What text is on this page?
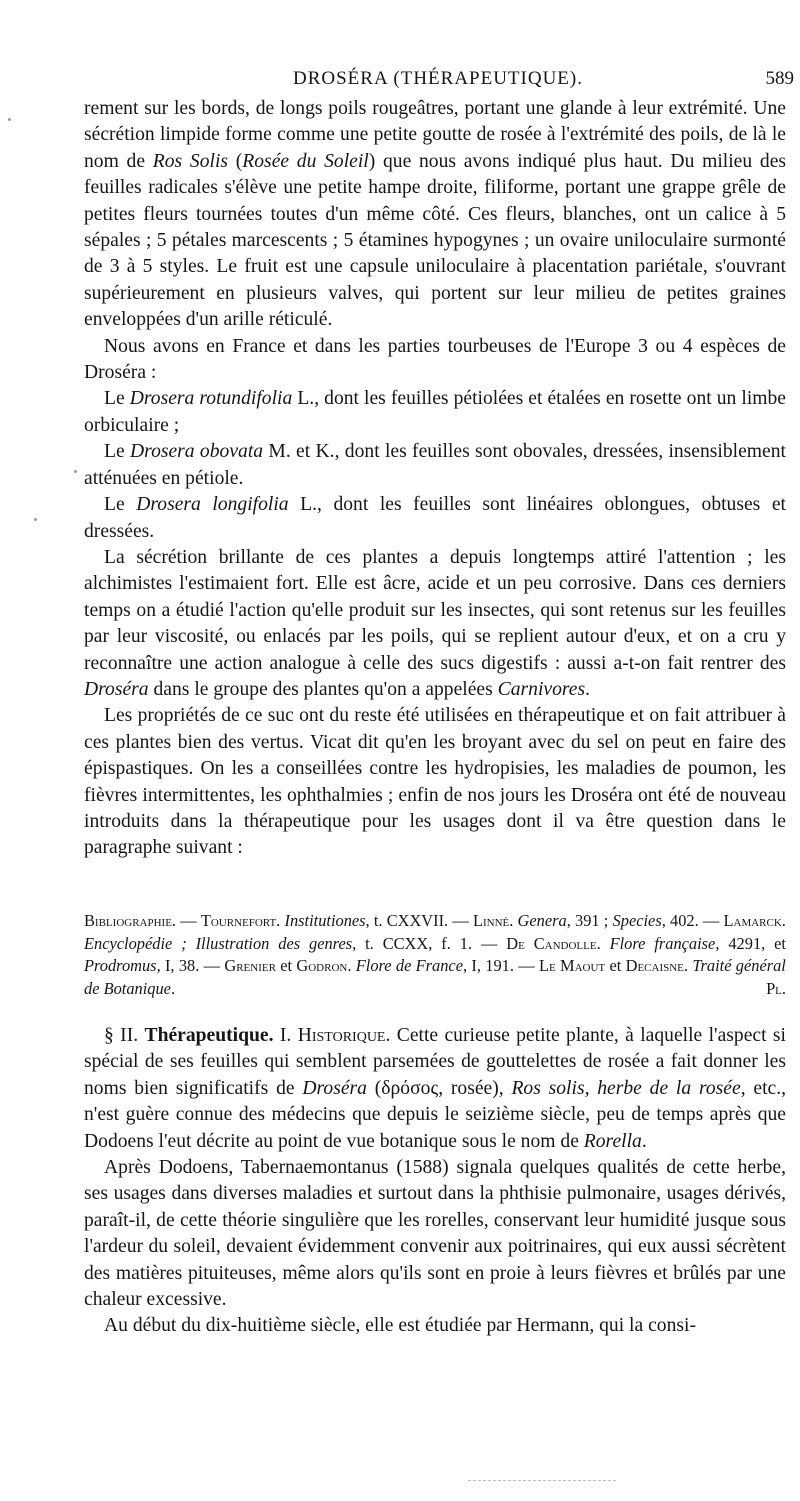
DROSÉRA (THÉRAPEUTIQUE).	589

rement sur les bords, de longs poils rougeâtres, portant une glande à leur extrémité. Une sécrétion limpide forme comme une petite goutte de rosée à l'extrémité des poils, de là le nom de Ros Solis (Rosée du Soleil) que nous avons indiqué plus haut. Du milieu des feuilles radicales s'élève une petite hampe droite, filiforme, portant une grappe grêle de petites fleurs tournées toutes d'un même côté. Ces fleurs, blanches, ont un calice à 5 sépales ; 5 pétales marcescents ; 5 étamines hypogynes ; un ovaire uniloculaire surmonté de 3 à 5 styles. Le fruit est une capsule uniloculaire à placentation pariétale, s'ouvrant supérieurement en plusieurs valves, qui portent sur leur milieu de petites graines enveloppées d'un arille réticulé.

Nous avons en France et dans les parties tourbeuses de l'Europe 3 ou 4 espèces de Droséra :

Le Drosera rotundifolia L., dont les feuilles pétiolées et étalées en rosette ont un limbe orbiculaire ;

Le Drosera obovata M. et K., dont les feuilles sont obovales, dressées, insensiblement atténuées en pétiole.

Le Drosera longifolia L., dont les feuilles sont linéaires oblongues, obtuses et dressées.

La sécrétion brillante de ces plantes a depuis longtemps attiré l'attention ; les alchimistes l'estimaient fort. Elle est âcre, acide et un peu corrosive. Dans ces derniers temps on a étudié l'action qu'elle produit sur les insectes, qui sont retenus sur les feuilles par leur viscosité, ou enlacés par les poils, qui se replient autour d'eux, et on a cru y reconnaître une action analogue à celle des sucs digestifs : aussi a-t-on fait rentrer des Droséra dans le groupe des plantes qu'on a appelées Carnivores.

Les propriétés de ce suc ont du reste été utilisées en thérapeutique et on fait attribuer à ces plantes bien des vertus. Vicat dit qu'en les broyant avec du sel on peut en faire des épispastiques. On les a conseillées contre les hydropisies, les maladies de poumon, les fièvres intermittentes, les ophthalmies ; enfin de nos jours les Droséra ont été de nouveau introduits dans la thérapeutique pour les usages dont il va être question dans le paragraphe suivant :

Bibliographie. — Tournefort. Institutiones, t. CXXVII. — Linné. Genera, 391 ; Species, 402. — Lamarck. Encyclopédie ; Illustration des genres, t. CCXX, f. 1. — De Candolle. Flore française, 4291, et Prodromus, I, 38. — Grenier et Godron. Flore de France, I, 191. — Le Maout et Decaisne. Traité général de Botanique.	Pl.

§ II. Thérapeutique. I. Historique. Cette curieuse petite plante, à laquelle l'aspect si spécial de ses feuilles qui semblent parsemées de gouttelettes de rosée a fait donner les noms bien significatifs de Droséra (δρόσος, rosée), Ros solis, herbe de la rosée, etc., n'est guère connue des médecins que depuis le seizième siècle, peu de temps après que Dodoens l'eut décrite au point de vue botanique sous le nom de Rorella.

Après Dodoens, Tabernaemontanus (1588) signala quelques qualités de cette herbe, ses usages dans diverses maladies et surtout dans la phthisie pulmonaire, usages dérivés, paraît-il, de cette théorie singulière que les rorelles, conservant leur humidité jusque sous l'ardeur du soleil, devaient évidemment convenir aux poitrinaires, qui eux aussi sécrètent des matières pituiteuses, même alors qu'ils sont en proie à leurs fièvres et brûlés par une chaleur excessive.

Au début du dix-huitième siècle, elle est étudiée par Hermann, qui la consi-
